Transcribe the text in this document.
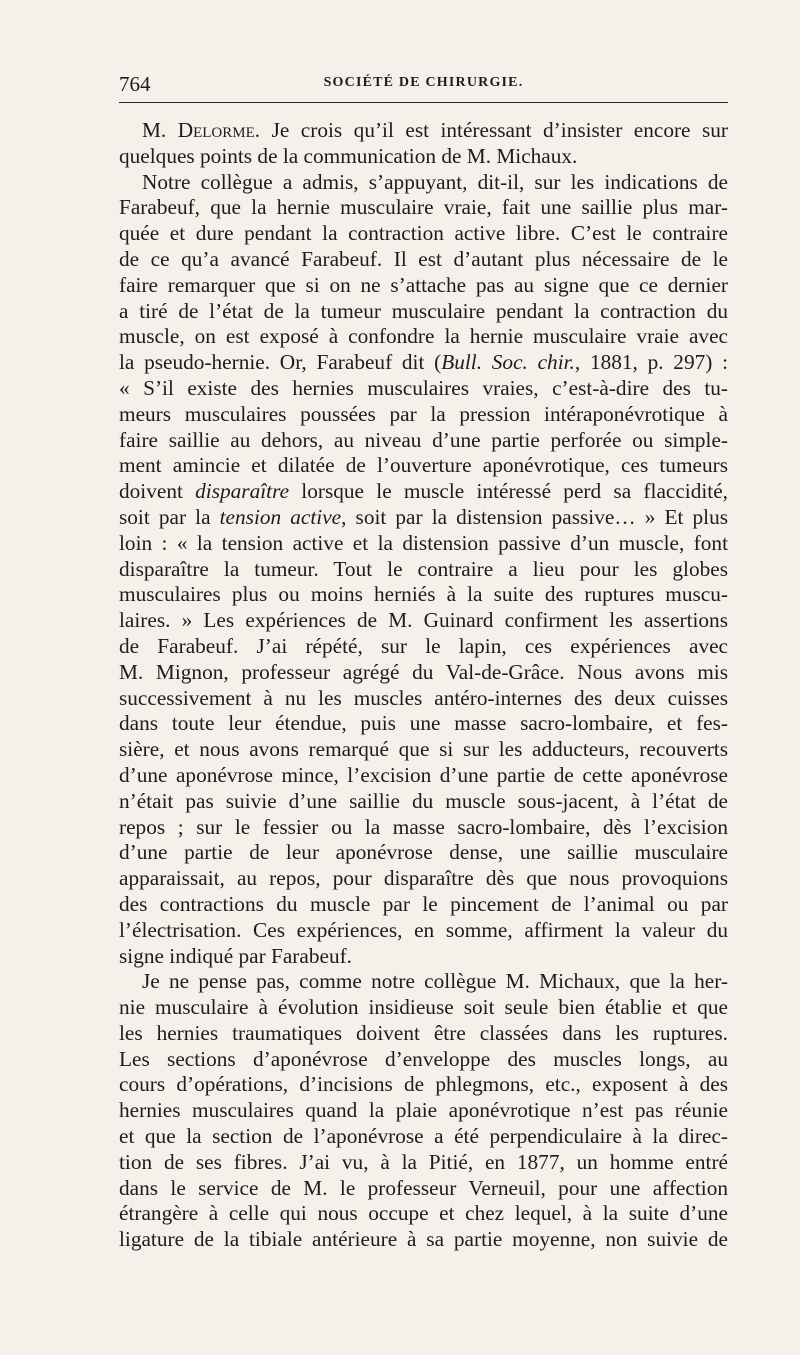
764	SOCIÉTÉ DE CHIRURGIE.
M. Delorme. Je crois qu’il est intéressant d’insister encore sur
quelques points de la communication de M. Michaux.
Notre collègue a admis, s’appuyant, dit-il, sur les indications de
Farabeuf, que la hernie musculaire vraie, fait une saillie plus mar-
quée et dure pendant la contraction active libre. C’est le contraire
de ce qu’a avancé Farabeuf. Il est d’autant plus nécessaire de le
faire remarquer que si on ne s’attache pas au signe que ce dernier
a tiré de l’état de la tumeur musculaire pendant la contraction du
muscle, on est exposé à confondre la hernie musculaire vraie avec
la pseudo-hernie. Or, Farabeuf dit (Bull. Soc. chir., 1881, p. 297) :
« S’il existe des hernies musculaires vraies, c’est-à-dire des tu-
meurs musculaires poussées par la pression intéraponévrotique à
faire saillie au dehors, au niveau d’une partie perforée ou simple-
ment amincie et dilatée de l’ouverture aponévrotique, ces tumeurs
doivent disparaître lorsque le muscle intéressé perd sa flaccidité,
soit par la tension active, soit par la distension passive… » Et plus
loin : « la tension active et la distension passive d’un muscle, font
disparaître la tumeur. Tout le contraire a lieu pour les globes
musculaires plus ou moins herniés à la suite des ruptures muscu-
laires. » Les expériences de M. Guinard confirment les assertions
de Farabeuf. J’ai répété, sur le lapin, ces expériences avec
M. Mignon, professeur agrégé du Val-de-Grâce. Nous avons mis
successivement à nu les muscles antéro-internes des deux cuisses
dans toute leur étendue, puis une masse sacro-lombaire, et fes-
sière, et nous avons remarqué que si sur les adducteurs, recouverts
d’une aponévrose mince, l’excision d’une partie de cette aponévrose
n’était pas suivie d’une saillie du muscle sous-jacent, à l’état de
repos ; sur le fessier ou la masse sacro-lombaire, dès l’excision
d’une partie de leur aponévrose dense, une saillie musculaire
apparaissait, au repos, pour disparaître dès que nous provoquions
des contractions du muscle par le pincement de l’animal ou par
l’électrisation. Ces expériences, en somme, affirment la valeur du
signe indiqué par Farabeuf.
Je ne pense pas, comme notre collègue M. Michaux, que la her-
nie musculaire à évolution insidieuse soit seule bien établie et que
les hernies traumatiques doivent être classées dans les ruptures.
Les sections d’aponévrose d’enveloppe des muscles longs, au
cours d’opérations, d’incisions de phlegmons, etc., exposent à des
hernies musculaires quand la plaie aponévrotique n’est pas réunie
et que la section de l’aponévrose a été perpendiculaire à la direc-
tion de ses fibres. J’ai vu, à la Pitié, en 1877, un homme entré
dans le service de M. le professeur Verneuil, pour une affection
étrangère à celle qui nous occupe et chez lequel, à la suite d’une
ligature de la tibiale antérieure à sa partie moyenne, non suivie de
